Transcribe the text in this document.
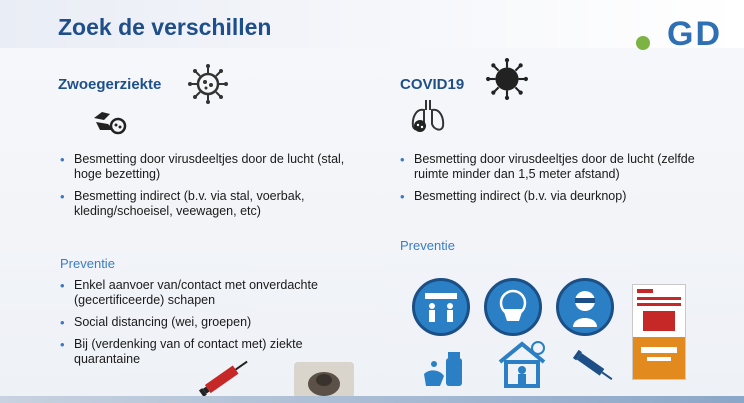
Zoek de verschillen	GD
Zwoegerziekte
• Besmetting door virusdeeltjes door de lucht (stal, hoge bezetting)
• Besmetting indirect (b.v. via stal, voerbak, kleding/schoeisel, veewagen, etc)
Preventie
• Enkel aanvoer van/contact met onverdachte (gecertificeerde) schapen
• Social distancing (wei, groepen)
• Bij (verdenking van of contact met) ziekte quarantaine
COVID19
• Besmetting door virusdeeltjes door de lucht (zelfde ruimte minder dan 1,5 meter afstand)
• Besmetting indirect (b.v. via deurknop)
Preventie
